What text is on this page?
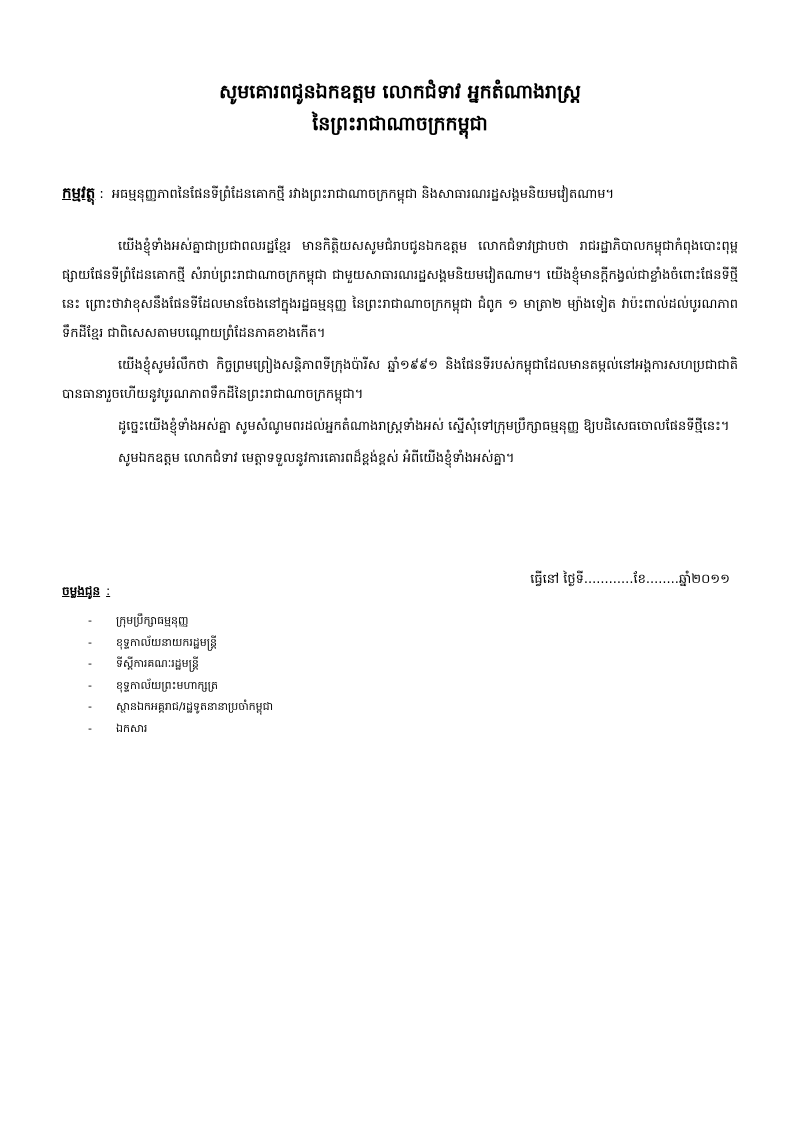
សូមគោរពជូនឯកឧត្តម លោកជំទាវ អ្នកតំណាងរាស្ត្រ
នៃព្រះរាជាណាចក្រកម្ពុជា
កម្មវត្ថុ : អធម្មនុញ្ញភាពនៃផែនទីព្រំដែនគោកថ្មី រវាងព្រះរាជាណាចក្រកម្ពុជា និងសាធារណរដ្ឋសង្គមនិយមវៀតណាម។

យើងខ្ញុំទាំងអស់គ្នាជាប្រជាពលរដ្ឋខ្មែរ មានកិត្តិយសសូមជំរាបជូនឯកឧត្តម លោកជំទាវជ្រាបថា រាជរដ្ឋាភិបាលកម្ពុជាកំពុងបោះពុម្ពផ្សាយផែនទីព្រំដែនគោកថ្មី សំរាប់ព្រះរាជាណាចក្រកម្ពុជា ជាមួយសាធារណរដ្ឋសង្គមនិយមវៀតណាម។ យើងខ្ញុំមានក្តីកង្វល់ជាខ្លាំងចំពោះផែនទីថ្មីនេះ ព្រោះថាវាខុសនឹងផែនទីដែលមានចែងនៅក្នុងរដ្ឋធម្មនុញ្ញ នៃព្រះរាជាណាចក្រកម្ពុជា ជំពូក ១ មាត្រា២ ម្យ៉ាងទៀត វាប៉ះពាល់ដល់បូរណភាពទឹកដីខ្មែរ ជាពិសេសតាមបណ្តោយព្រំដែនភាគខាងកើត។

យើងខ្ញុំសូមរំលឹកថា កិច្ចព្រមព្រៀងសន្តិភាពទីក្រុងប៉ារីស ឆ្នាំ១៩៩១ និងផែនទីរបស់កម្ពុជាដែលមានតម្កល់នៅអង្គការសហប្រជាជាតិ បានធានារួចហើយនូវបូរណភាពទឹកដីនៃព្រះរាជាណាចក្រកម្ពុជា។

ដូច្នេះយើងខ្ញុំទាំងអស់គ្នា សូមសំណូមពរដល់អ្នកតំណាងរាស្ត្រទាំងអស់ ស្នើសុំទៅក្រុមប្រឹក្សាធម្មនុញ្ញ ឱ្យបដិសេធចោលផែនទីថ្មីនេះ។

សូមឯកឧត្តម លោកជំទាវ មេត្តាទទួលនូវការគោរពដ៏ខ្ពង់ខ្ពស់ អំពីយើងខ្ញុំទាំងអស់គ្នា។

ធ្វើនៅ ថ្ងៃទី............ខែ........ឆ្នាំ២០១១
ចម្លងជូន :
- ក្រុមប្រឹក្សាធម្មនុញ្ញ
- ខុទ្ទកាល័យនាយករដ្ឋមន្ត្រី
- ទីស្តីការគណៈរដ្ឋមន្ត្រី
- ខុទ្ទកាល័យព្រះមហាក្សត្រ
- ស្ថានឯកអគ្គរាជ/រដ្ឋទូតនានាប្រចាំកម្ពុជា
- ឯកសារ
